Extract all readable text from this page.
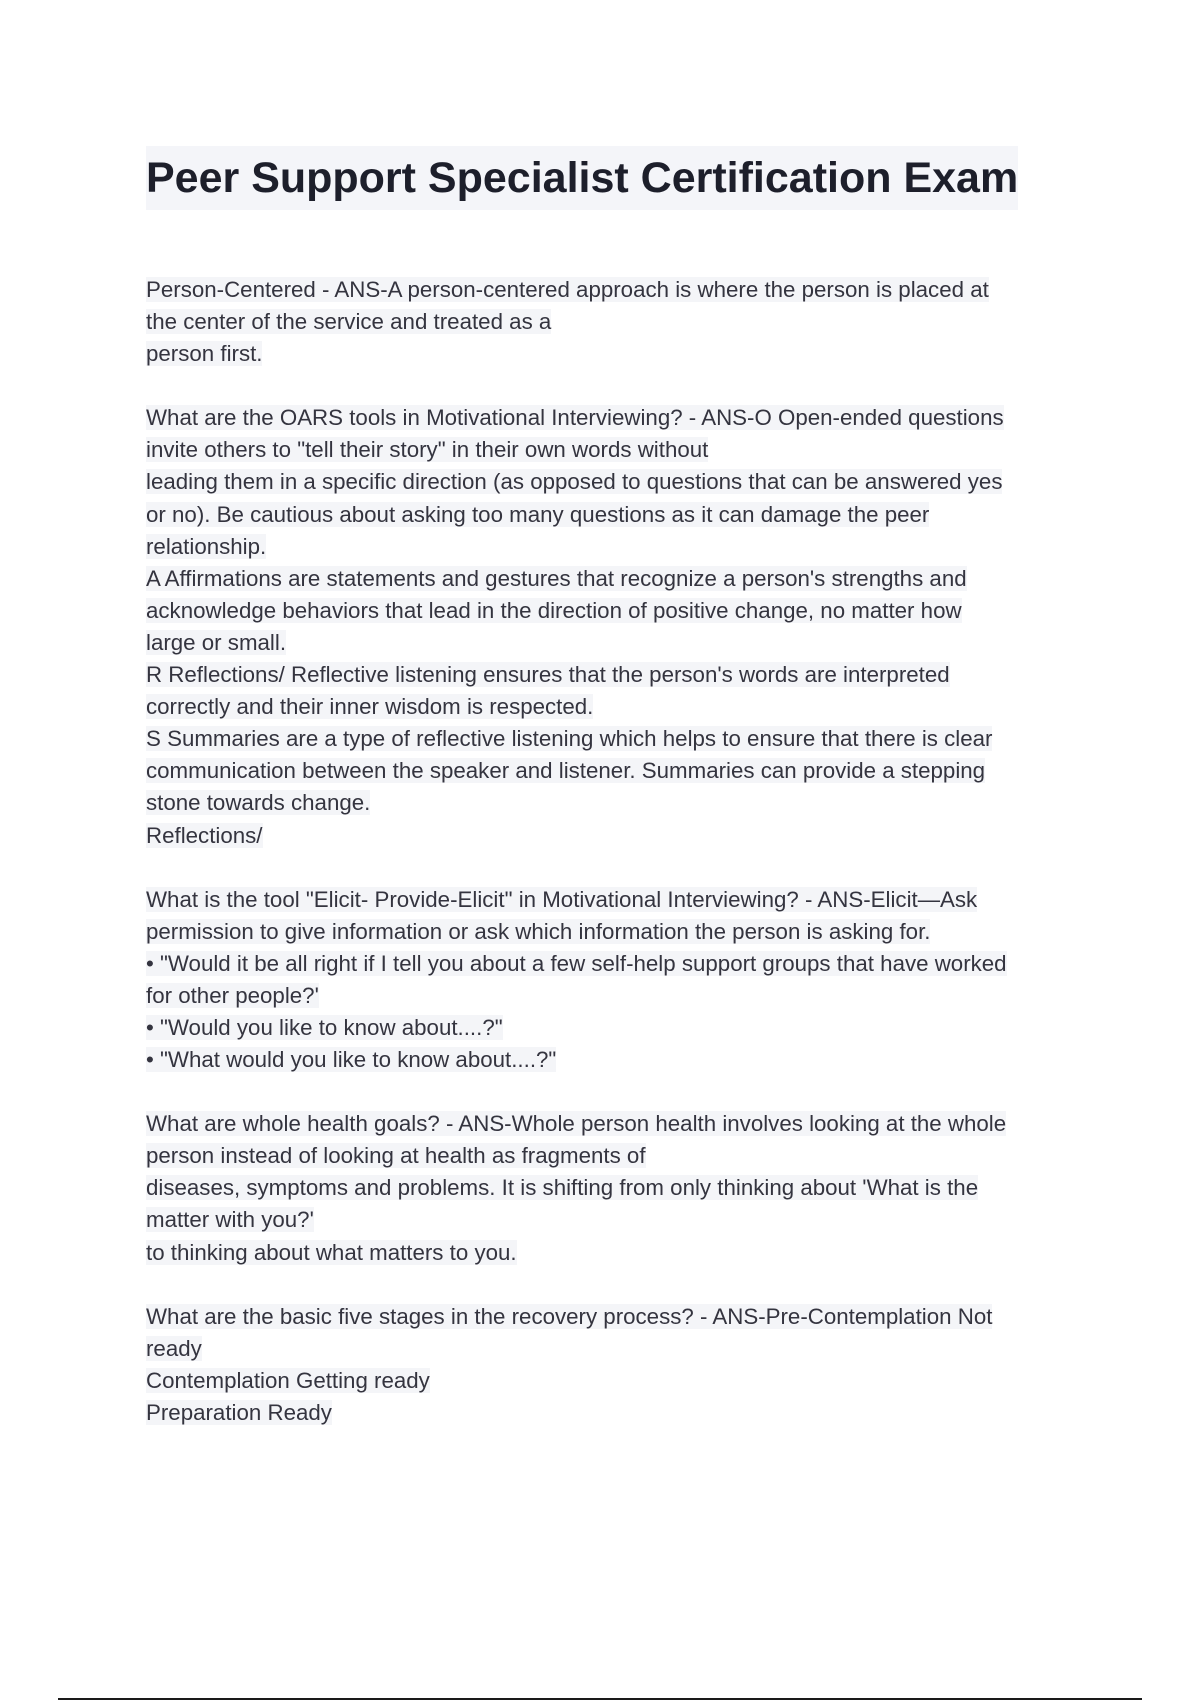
Peer Support Specialist Certification Exam
Person-Centered - ANS-A person-centered approach is where the person is placed at
the center of the service and treated as a
person first.
What are the OARS tools in Motivational Interviewing? - ANS-O Open-ended questions
invite others to "tell their story" in their own words without
leading them in a specific direction (as opposed to questions that can be answered yes
or no). Be cautious about asking too many questions as it can damage the peer
relationship.
A Affirmations are statements and gestures that recognize a person's strengths and
acknowledge behaviors that lead in the direction of positive change, no matter how
large or small.
R Reflections/ Reflective listening ensures that the person's words are interpreted
correctly and their inner wisdom is respected.
S Summaries are a type of reflective listening which helps to ensure that there is clear
communication between the speaker and listener. Summaries can provide a stepping
stone towards change.
Reflections/
What is the tool "Elicit- Provide-Elicit" in Motivational Interviewing? - ANS-Elicit—Ask
permission to give information or ask which information the person is asking for.
• "Would it be all right if I tell you about a few self-help support groups that have worked
for other people?'
• "Would you like to know about....?"
• "What would you like to know about....?"
What are whole health goals? - ANS-Whole person health involves looking at the whole
person instead of looking at health as fragments of
diseases, symptoms and problems. It is shifting from only thinking about 'What is the
matter with you?'
to thinking about what matters to you.
What are the basic five stages in the recovery process? - ANS-Pre-Contemplation Not
ready
Contemplation Getting ready
Preparation Ready
